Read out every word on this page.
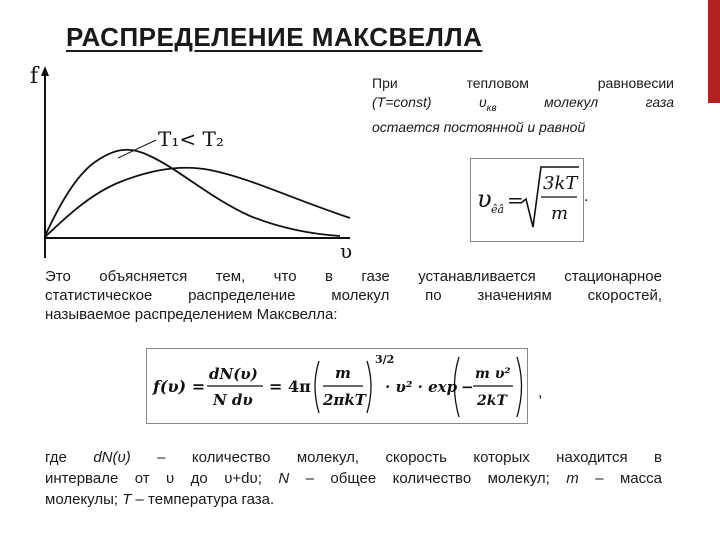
РАСПРЕДЕЛЕНИЕ МАКСВЕЛЛА
f
υ
T₁< T₂
При тепловом равновесии
(T=const) $\upsilon_{кв}$ молекул газа
остается постоянной и равной
υ êâ =
3kT
m
.
Это объясняется тем, что в газе устанавливается стационарное
статистическое распределение молекул по значениям скоростей,
называемое распределением Максвелла:
f(υ) =
dN(υ)
N dυ
= 4π
m
2πkT
3/2
· υ² · exp −
m υ²
2kT ,
где dN(υ) – количество молекул, скорость которых находится в
интервале от υ до υ+dυ; N – общее количество молекул; m – масса
молекулы; T – температура газа.
